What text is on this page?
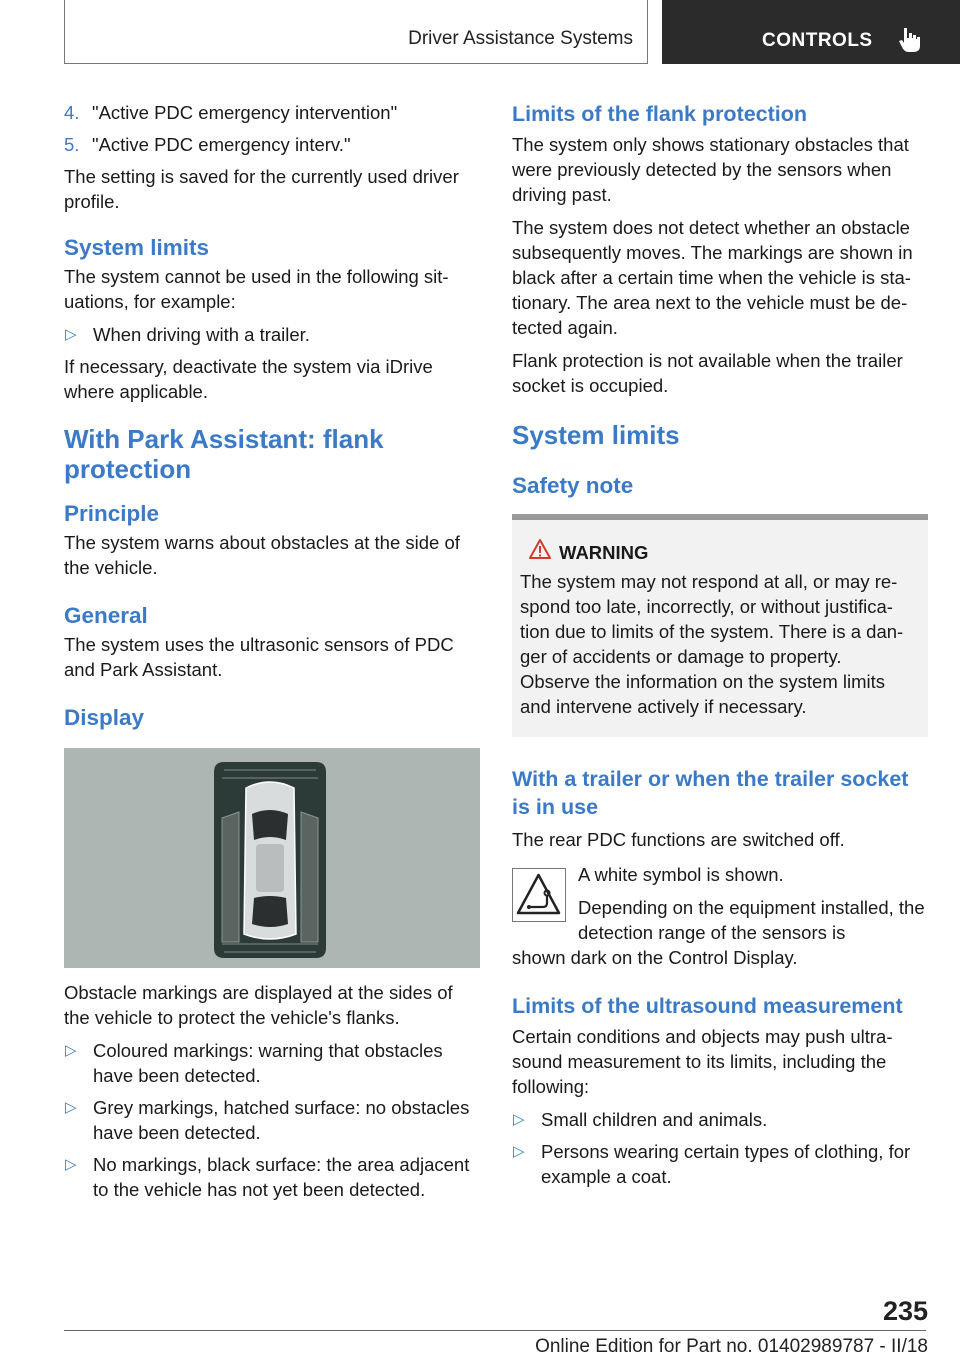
Driver Assistance Systems	CONTROLS
4. "Active PDC emergency intervention"
5. "Active PDC emergency interv."

The setting is saved for the currently used driver profile.

System limits

The system cannot be used in the following sit‐uations, for example:

▷ When driving with a trailer.

If necessary, deactivate the system via iDrive where applicable.

With Park Assistant: flank protection
Principle

The system warns about obstacles at the side of the vehicle.

General

The system uses the ultrasonic sensors of PDC and Park Assistant.

Display

Obstacle markings are displayed at the sides of the vehicle to protect the vehicle's flanks.

▷ Coloured markings: warning that obstacles have been detected.
▷ Grey markings, hatched surface: no obstacles have been detected.
▷ No markings, black surface: the area adjacent to the vehicle has not yet been detected.
Limits of the flank protection

The system only shows stationary obstacles that were previously detected by the sensors when driving past.

The system does not detect whether an obstacle subsequently moves. The markings are shown in black after a certain time when the vehicle is sta‐tionary. The area next to the vehicle must be de‐tected again.

Flank protection is not available when the trailer socket is occupied.

System limits
Safety note
WARNING

The system may not respond at all, or may re‐spond too late, incorrectly, or without justifica‐tion due to limits of the system. There is a dan‐ger of accidents or damage to property.

Observe the information on the system limits and intervene actively if necessary.

With a trailer or when the trailer socket is in use

The rear PDC functions are switched off.

A white symbol is shown.

Depending on the equipment installed, the detection range of the sensors is

shown dark on the Control Display.

Limits of the ultrasound measurement

Certain conditions and objects may push ultra‐sound measurement to its limits, including the following:

▷ Small children and animals.
▷ Persons wearing certain types of clothing, for example a coat.
235
Online Edition for Part no. 01402989787 - II/18
